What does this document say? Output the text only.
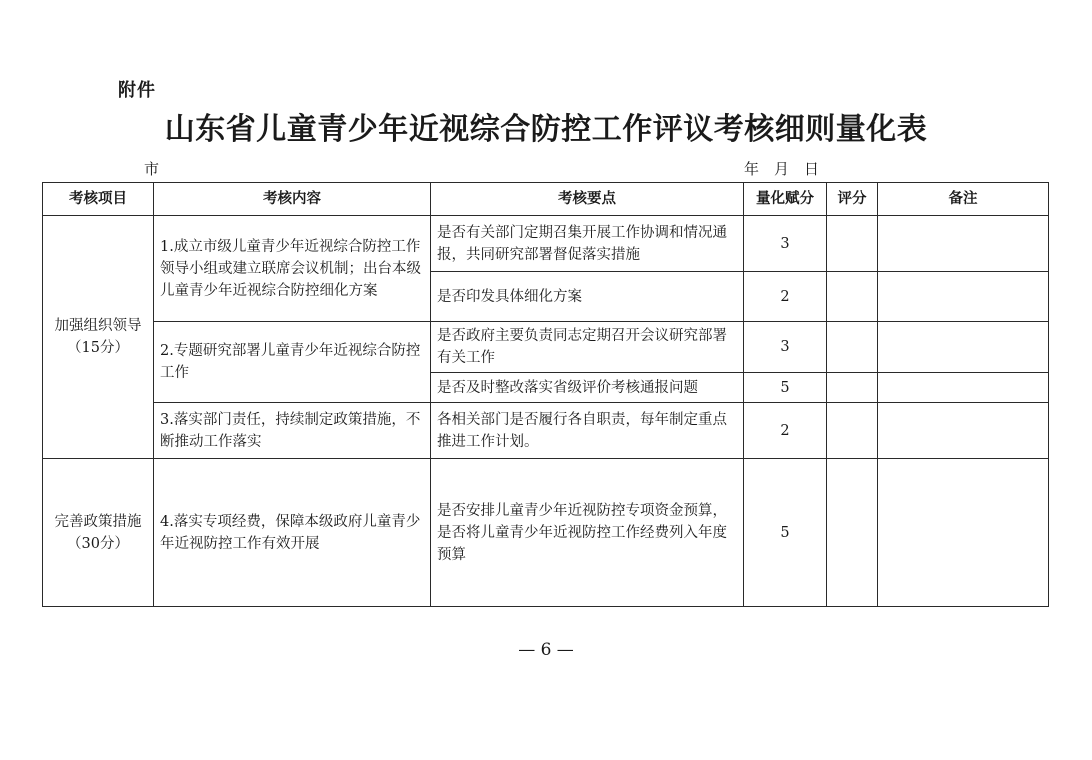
附件
山东省儿童青少年近视综合防控工作评议考核细则量化表
市	年　月　日
考核项目	考核内容	考核要点	量化赋分	评分	备注
加强组织领导
（15分）	1.成立市级儿童青少年近视综合防控工作领导小组或建立联席会议机制；出台本级儿童青少年近视综合防控细化方案	是否有关部门定期召集开展工作协调和情况通报，共同研究部署督促落实措施	3		
		是否印发具体细化方案	2		
	2.专题研究部署儿童青少年近视综合防控工作	是否政府主要负责同志定期召开会议研究部署有关工作	3		
		是否及时整改落实省级评价考核通报问题	5		
	3.落实部门责任，持续制定政策措施，不断推动工作落实	各相关部门是否履行各自职责，每年制定重点推进工作计划。	2		
完善政策措施
（30分）	4.落实专项经费，保障本级政府儿童青少年近视防控工作有效开展	是否安排儿童青少年近视防控专项资金预算，是否将儿童青少年近视防控工作经费列入年度预算	5		
— 6 —
